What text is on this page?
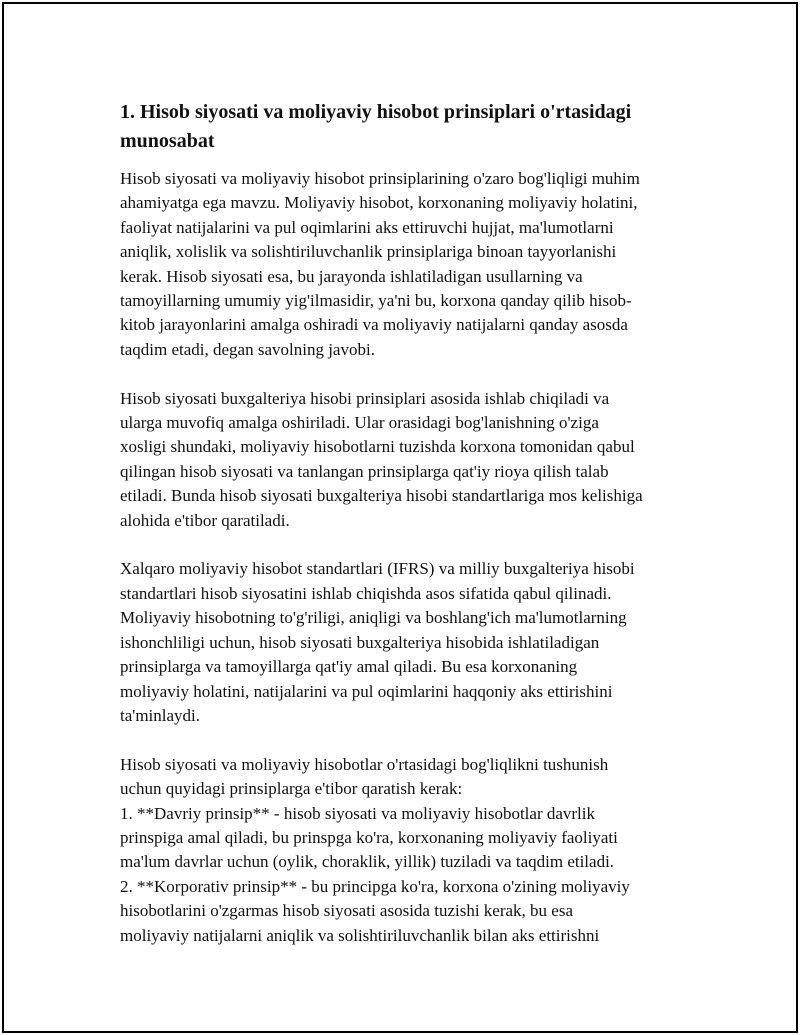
1. Hisob siyosati va moliyaviy hisobot prinsiplari o'rtasidagi
munosabat

Hisob siyosati va moliyaviy hisobot prinsiplarining o'zaro bog'liqligi muhim
ahamiyatga ega mavzu. Moliyaviy hisobot, korxonaning moliyaviy holatini,
faoliyat natijalarini va pul oqimlarini aks ettiruvchi hujjat, ma'lumotlarni
aniqlik, xolislik va solishtiriluvchanlik prinsiplariga binoan tayyorlanishi
kerak. Hisob siyosati esa, bu jarayonda ishlatiladigan usullarning va
tamoyillarning umumiy yig'ilmasidir, ya'ni bu, korxona qanday qilib hisob-
kitob jarayonlarini amalga oshiradi va moliyaviy natijalarni qanday asosda
taqdim etadi, degan savolning javobi.

Hisob siyosati buxgalteriya hisobi prinsiplari asosida ishlab chiqiladi va
ularga muvofiq amalga oshiriladi. Ular orasidagi bog'lanishning o'ziga
xosligi shundaki, moliyaviy hisobotlarni tuzishda korxona tomonidan qabul
qilingan hisob siyosati va tanlangan prinsiplarga qat'iy rioya qilish talab
etiladi. Bunda hisob siyosati buxgalteriya hisobi standartlariga mos kelishiga
alohida e'tibor qaratiladi.

Xalqaro moliyaviy hisobot standartlari (IFRS) va milliy buxgalteriya hisobi
standartlari hisob siyosatini ishlab chiqishda asos sifatida qabul qilinadi.
Moliyaviy hisobotning to'g'riligi, aniqligi va boshlang'ich ma'lumotlarning
ishonchliligi uchun, hisob siyosati buxgalteriya hisobida ishlatiladigan
prinsiplarga va tamoyillarga qat'iy amal qiladi. Bu esa korxonaning
moliyaviy holatini, natijalarini va pul oqimlarini haqqoniy aks ettirishini
ta'minlaydi.

Hisob siyosati va moliyaviy hisobotlar o'rtasidagi bog'liqlikni tushunish
uchun quyidagi prinsiplarga e'tibor qaratish kerak:
1. **Davriy prinsip** - hisob siyosati va moliyaviy hisobotlar davrlik
prinspiga amal qiladi, bu prinspga ko'ra, korxonaning moliyaviy faoliyati
ma'lum davrlar uchun (oylik, choraklik, yillik) tuziladi va taqdim etiladi.
2. **Korporativ prinsip** - bu principga ko'ra, korxona o'zining moliyaviy
hisobotlarini o'zgarmas hisob siyosati asosida tuzishi kerak, bu esa
moliyaviy natijalarni aniqlik va solishtiriluvchanlik bilan aks ettirishni
